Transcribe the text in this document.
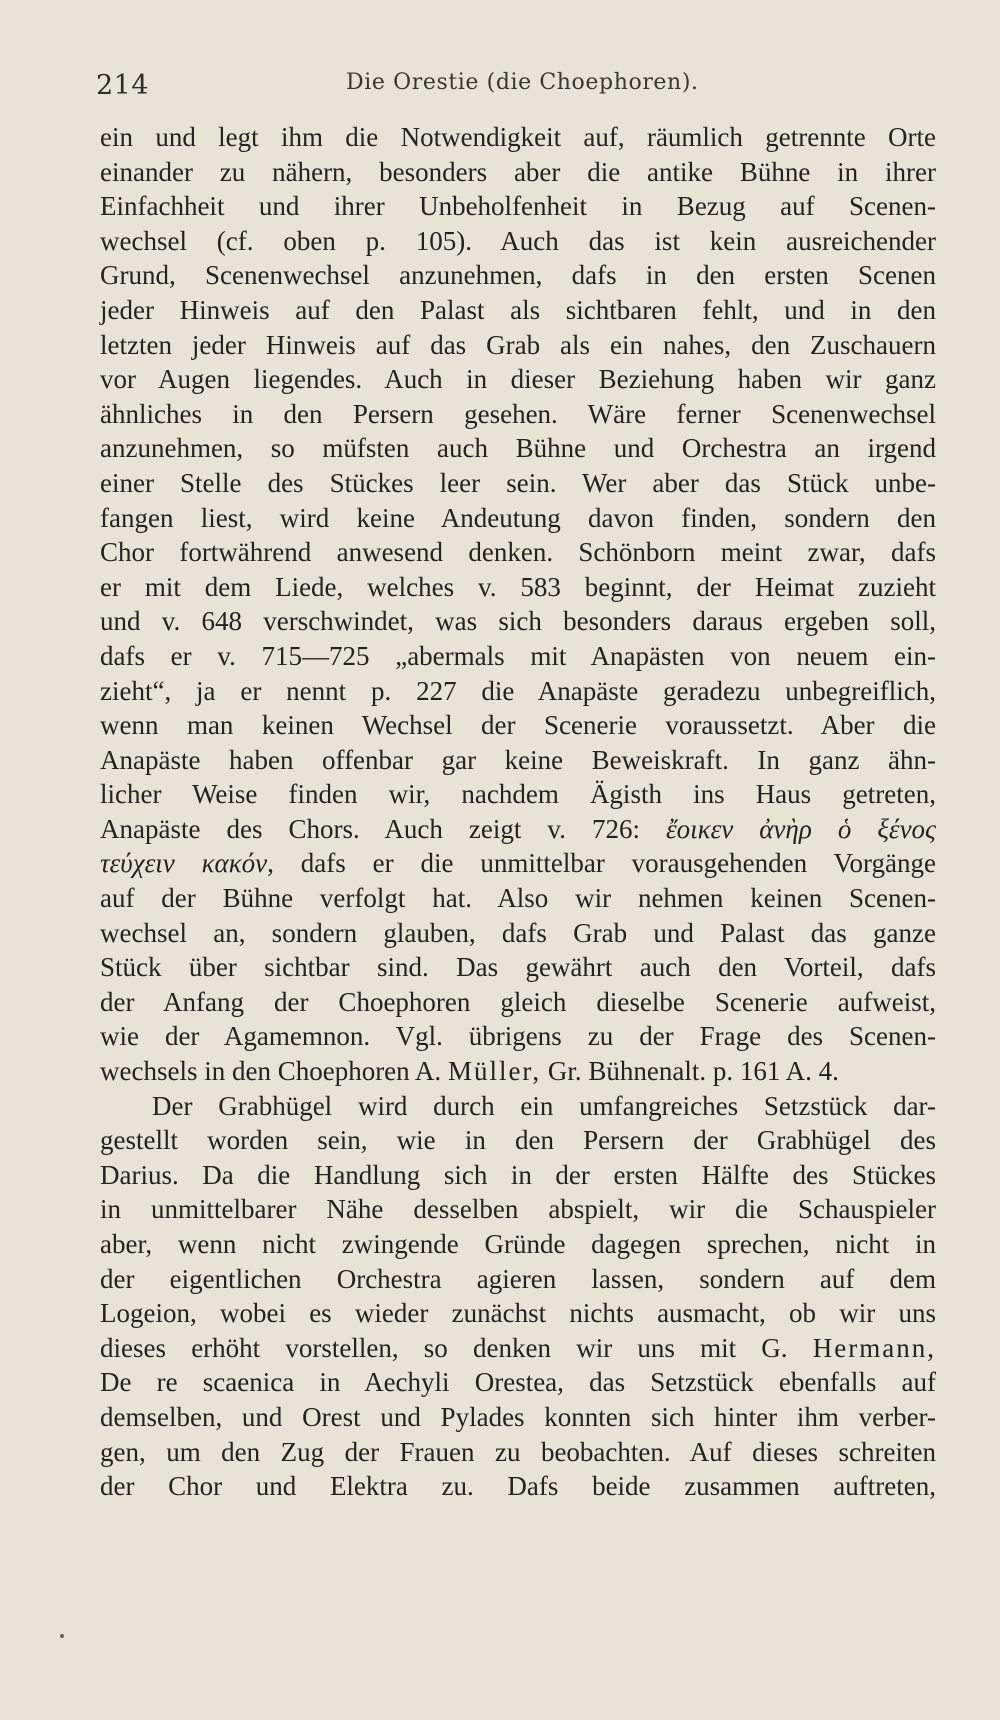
214	Die Orestie (die Choephoren).
ein und legt ihm die Notwendigkeit auf, räumlich getrennte Orte
einander zu nähern, besonders aber die antike Bühne in ihrer
Einfachheit und ihrer Unbeholfenheit in Bezug auf Scenen-
wechsel (cf. oben p. 105). Auch das ist kein ausreichender
Grund, Scenenwechsel anzunehmen, dafs in den ersten Scenen
jeder Hinweis auf den Palast als sichtbaren fehlt, und in den
letzten jeder Hinweis auf das Grab als ein nahes, den Zuschauern
vor Augen liegendes. Auch in dieser Beziehung haben wir ganz
ähnliches in den Persern gesehen. Wäre ferner Scenenwechsel
anzunehmen, so müfsten auch Bühne und Orchestra an irgend
einer Stelle des Stückes leer sein. Wer aber das Stück unbe-
fangen liest, wird keine Andeutung davon finden, sondern den
Chor fortwährend anwesend denken. Schönborn meint zwar, dafs
er mit dem Liede, welches v. 583 beginnt, der Heimat zuzieht
und v. 648 verschwindet, was sich besonders daraus ergeben soll,
dafs er v. 715—725 „abermals mit Anapästen von neuem ein-
zieht“, ja er nennt p. 227 die Anapäste geradezu unbegreiflich,
wenn man keinen Wechsel der Scenerie voraussetzt. Aber die
Anapäste haben offenbar gar keine Beweiskraft. In ganz ähn-
licher Weise finden wir, nachdem Ägisth ins Haus getreten,
Anapäste des Chors. Auch zeigt v. 726: ἔοικεν ἀνὴρ ὁ ξένος
τεύχειν κακόν, dafs er die unmittelbar vorausgehenden Vorgänge
auf der Bühne verfolgt hat. Also wir nehmen keinen Scenen-
wechsel an, sondern glauben, dafs Grab und Palast das ganze
Stück über sichtbar sind. Das gewährt auch den Vorteil, dafs
der Anfang der Choephoren gleich dieselbe Scenerie aufweist,
wie der Agamemnon. Vgl. übrigens zu der Frage des Scenen-
wechsels in den Choephoren A. Müller, Gr. Bühnenalt. p. 161 A. 4.
Der Grabhügel wird durch ein umfangreiches Setzstück dar-
gestellt worden sein, wie in den Persern der Grabhügel des
Darius. Da die Handlung sich in der ersten Hälfte des Stückes
in unmittelbarer Nähe desselben abspielt, wir die Schauspieler
aber, wenn nicht zwingende Gründe dagegen sprechen, nicht in
der eigentlichen Orchestra agieren lassen, sondern auf dem
Logeion, wobei es wieder zunächst nichts ausmacht, ob wir uns
dieses erhöht vorstellen, so denken wir uns mit G. Hermann,
De re scaenica in Aechyli Orestea, das Setzstück ebenfalls auf
demselben, und Orest und Pylades konnten sich hinter ihm verber-
gen, um den Zug der Frauen zu beobachten. Auf dieses schreiten
der Chor und Elektra zu. Dafs beide zusammen auftreten,
